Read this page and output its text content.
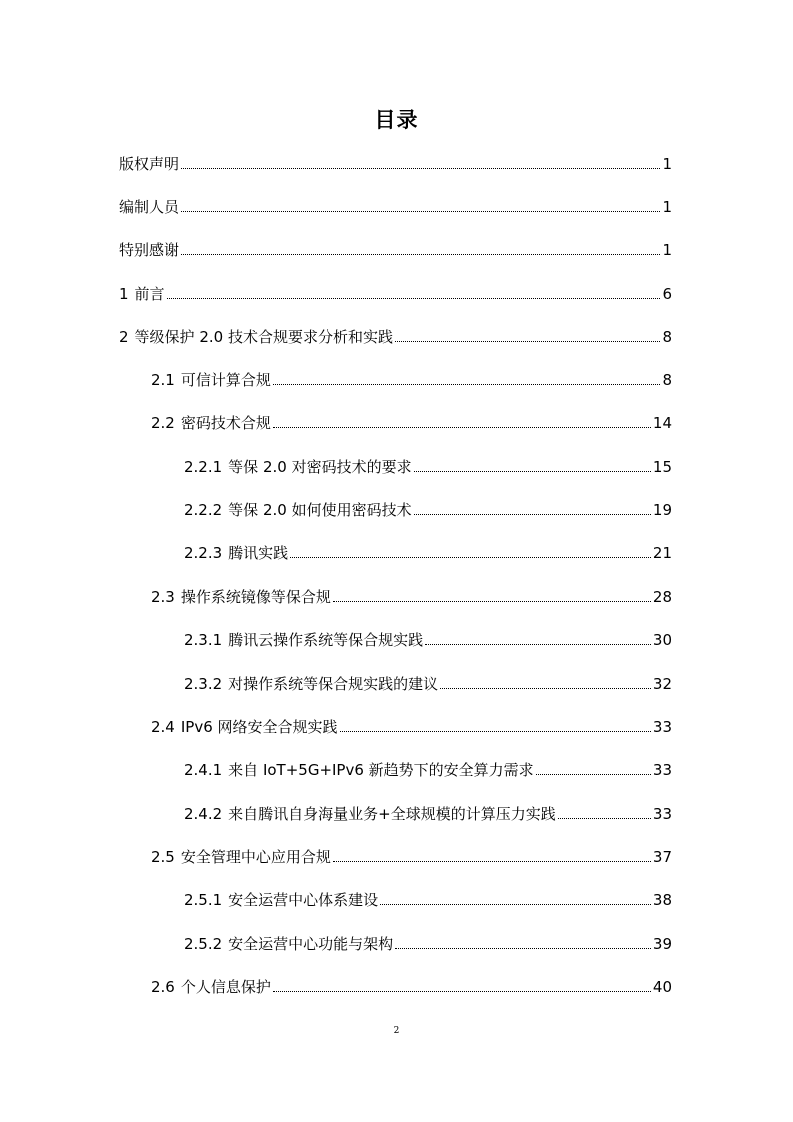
目录
版权声明	1
编制人员	1
特别感谢	1
1 前言	6
2 等级保护 2.0 技术合规要求分析和实践	8
2.1 可信计算合规	8
2.2 密码技术合规	14
2.2.1 等保 2.0 对密码技术的要求	15
2.2.2 等保 2.0 如何使用密码技术	19
2.2.3 腾讯实践	21
2.3 操作系统镜像等保合规	28
2.3.1 腾讯云操作系统等保合规实践	30
2.3.2 对操作系统等保合规实践的建议	32
2.4 IPv6 网络安全合规实践	33
2.4.1 来自 IoT+5G+IPv6 新趋势下的安全算力需求	33
2.4.2 来自腾讯自身海量业务+全球规模的计算压力实践	33
2.5 安全管理中心应用合规	37
2.5.1 安全运营中心体系建设	38
2.5.2 安全运营中心功能与架构	39
2.6 个人信息保护	40
2
